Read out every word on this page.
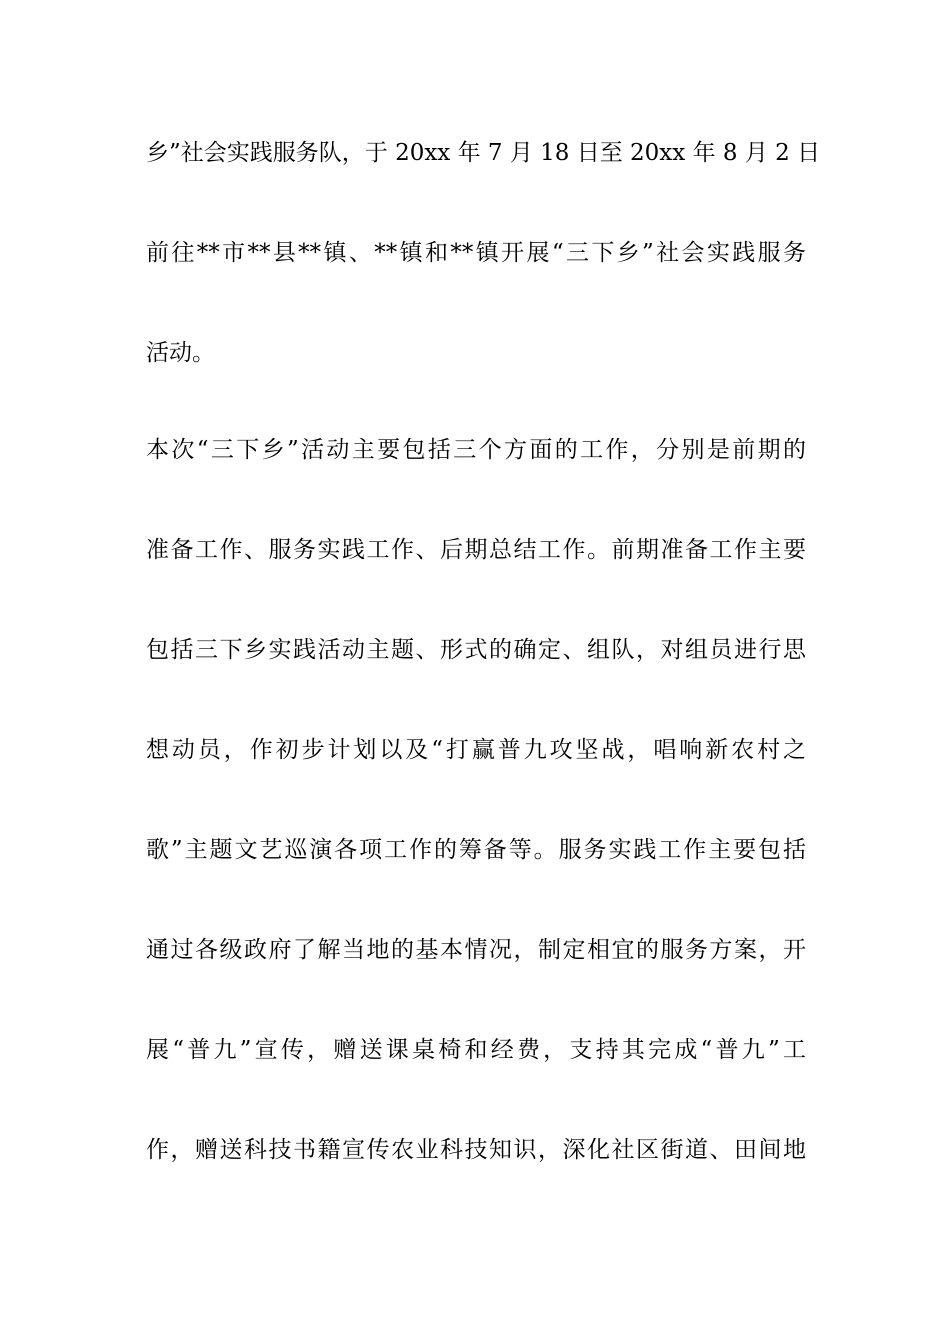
乡”社会实践服务队，于 20xx 年 7 月 18 日至 20xx 年 8 月 2 日
前往**市**县**镇、**镇和**镇开展“三下乡”社会实践服务
活动。
本次“三下乡”活动主要包括三个方面的工作，分别是前期的
准备工作、服务实践工作、后期总结工作。前期准备工作主要
包括三下乡实践活动主题、形式的确定、组队，对组员进行思
想动员，作初步计划以及“打赢普九攻坚战，唱响新农村之
歌”主题文艺巡演各项工作的筹备等。服务实践工作主要包括
通过各级政府了解当地的基本情况，制定相宜的服务方案，开
展“普九”宣传，赠送课桌椅和经费，支持其完成“普九”工
作，赠送科技书籍宣传农业科技知识，深化社区街道、田间地
